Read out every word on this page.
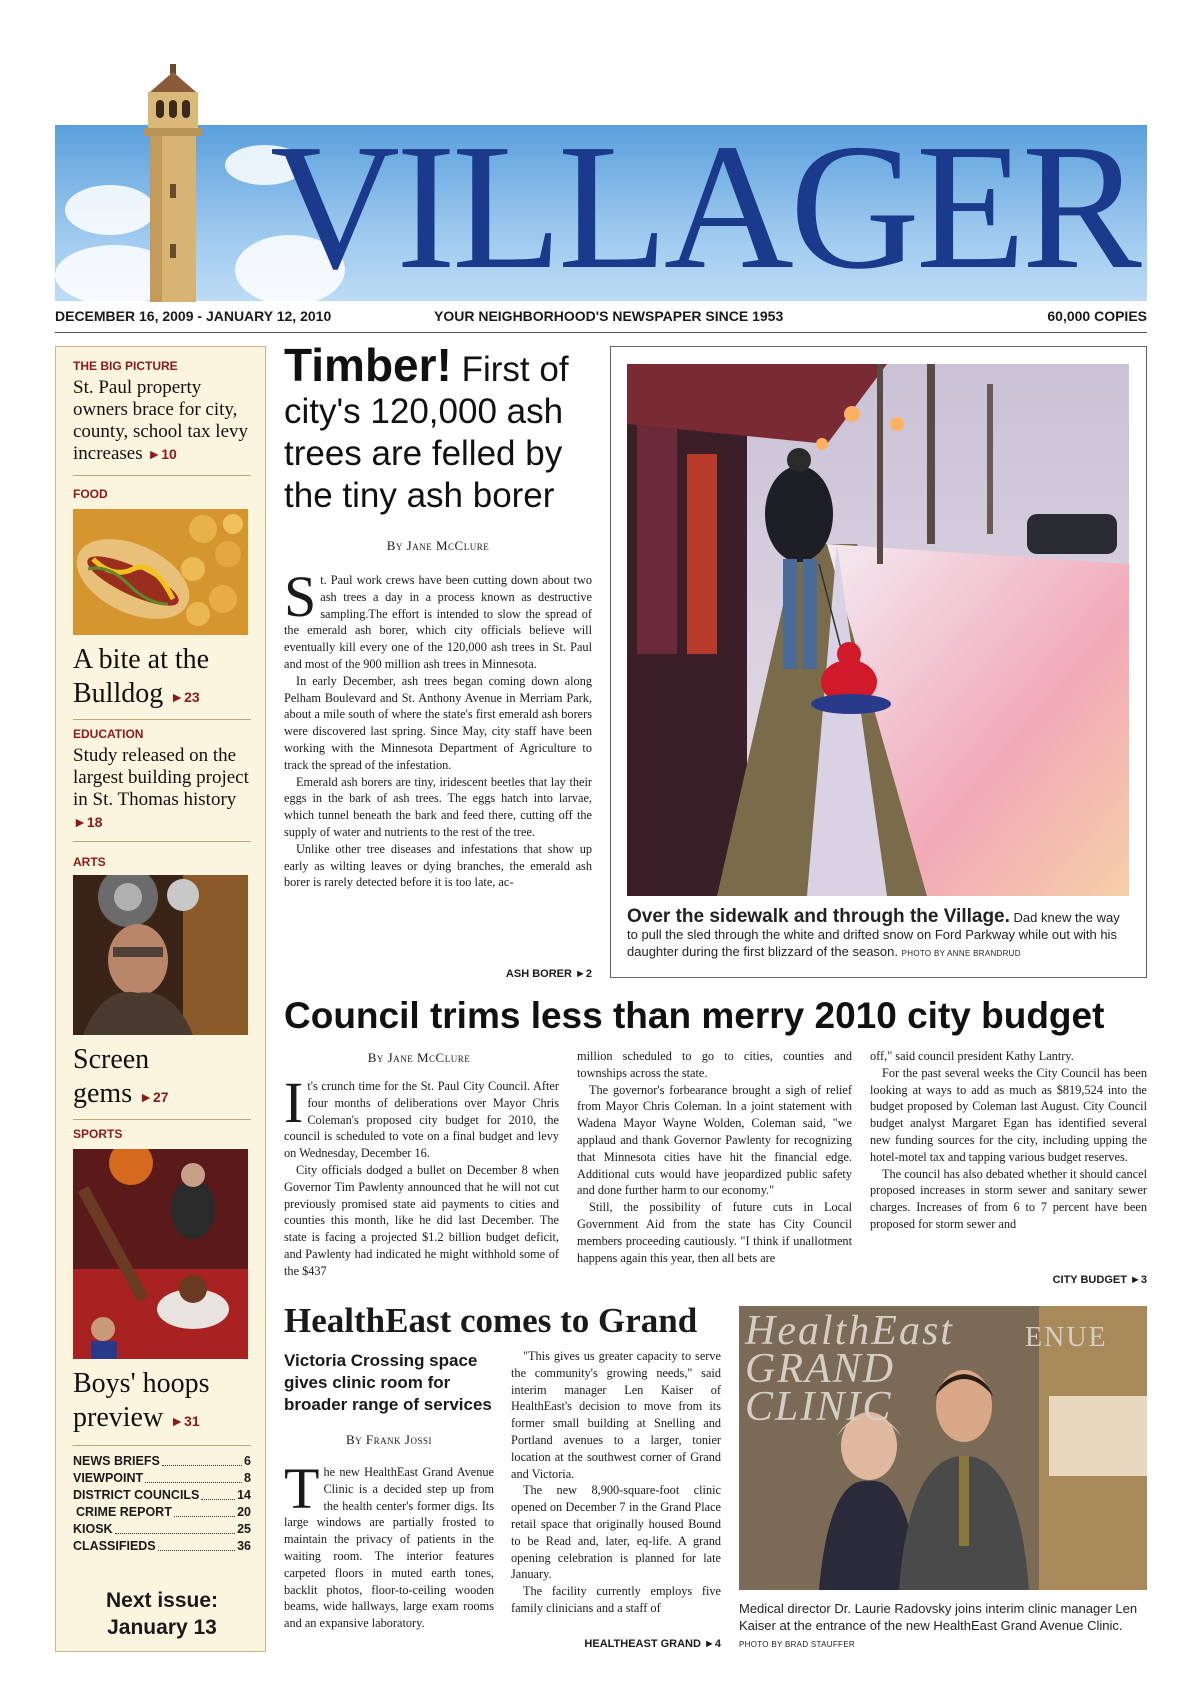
VILLAGER
DECEMBER 16, 2009 - JANUARY 12, 2010	YOUR NEIGHBORHOOD'S NEWSPAPER SINCE 1953	60,000 COPIES
THE BIG PICTURE
St. Paul property owners brace for city, county, school tax levy increases ►10
FOOD
A bite at the Bulldog ►23
EDUCATION
Study released on the largest building project in St. Thomas history ►18
ARTS
Screen gems ►27
SPORTS
Boys' hoops preview ►31
NEWS BRIEFS	6
VIEWPOINT	8
DISTRICT COUNCILS	14
CRIME REPORT	20
KIOSK	25
CLASSIFIEDS	36
Next issue:
January 13
Timber! First of city's 120,000 ash trees are felled by the tiny ash borer
By Jane McClure

St. Paul work crews have been cutting down about two ash trees a day in a process known as destructive sampling.The effort is intended to slow the spread of the emerald ash borer, which city officials believe will eventually kill every one of the 120,000 ash trees in St. Paul and most of the 900 million ash trees in Minnesota.

In early December, ash trees began coming down along Pelham Boulevard and St. Anthony Avenue in Merriam Park, about a mile south of where the state's first emerald ash borers were discovered last spring. Since May, city staff have been working with the Minnesota Department of Agriculture to track the spread of the infestation.

Emerald ash borers are tiny, iridescent beetles that lay their eggs in the bark of ash trees. The eggs hatch into larvae, which tunnel beneath the bark and feed there, cutting off the supply of water and nutrients to the rest of the tree.

Unlike other tree diseases and infestations that show up early as wilting leaves or dying branches, the emerald ash borer is rarely detected before it is too late, ac-

ASH BORER ►2
Over the sidewalk and through the Village. Dad knew the way to pull the sled through the white and drifted snow on Ford Parkway while out with his daughter during the first blizzard of the season. PHOTO BY ANNE BRANDRUD
Council trims less than merry 2010 city budget
By Jane McClure

It's crunch time for the St. Paul City Council. After four months of deliberations over Mayor Chris Coleman's proposed city budget for 2010, the council is scheduled to vote on a final budget and levy on Wednesday, December 16.

City officials dodged a bullet on December 8 when Governor Tim Pawlenty announced that he will not cut previously promised state aid payments to cities and counties this month, like he did last December. The state is facing a projected $1.2 billion budget deficit, and Pawlenty had indicated he might withhold some of the $437

million scheduled to go to cities, counties and townships across the state.

The governor's forbearance brought a sigh of relief from Mayor Chris Coleman. In a joint statement with Wadena Mayor Wayne Wolden, Coleman said, "we applaud and thank Governor Pawlenty for recognizing that Minnesota cities have hit the financial edge. Additional cuts would have jeopardized public safety and done further harm to our economy."

Still, the possibility of future cuts in Local Government Aid from the state has City Council members proceeding cautiously. "I think if unallotment happens again this year, then all bets are

off," said council president Kathy Lantry.

For the past several weeks the City Council has been looking at ways to add as much as $819,524 into the budget proposed by Coleman last August. City Council budget analyst Margaret Egan has identified several new funding sources for the city, including upping the hotel-motel tax and tapping various budget reserves.

The council has also debated whether it should cancel proposed increases in storm sewer and sanitary sewer charges. Increases of from 6 to 7 percent have been proposed for storm sewer and

CITY BUDGET ►3
HealthEast comes to Grand
Victoria Crossing space gives clinic room for broader range of services
By Frank Jossi

The new HealthEast Grand Avenue Clinic is a decided step up from the health center's former digs. Its large windows are partially frosted to maintain the privacy of patients in the waiting room. The interior features carpeted floors in muted earth tones, backlit photos, floor-to-ceiling wooden beams, wide hallways, large exam rooms and an expansive laboratory.

"This gives us greater capacity to serve the community's growing needs," said interim manager Len Kaiser of HealthEast's decision to move from its former small building at Snelling and Portland avenues to a larger, tonier location at the southwest corner of Grand and Victoria.

The new 8,900-square-foot clinic opened on December 7 in the Grand Place retail space that originally housed Bound to be Read and, later, eq-life. A grand opening celebration is planned for late January.

The facility currently employs five family clinicians and a staff of

HEALTHEAST GRAND ►4
HealthEast GRAND CLINIC
ENUE
Medical director Dr. Laurie Radovsky joins interim clinic manager Len Kaiser at the entrance of the new HealthEast Grand Avenue Clinic. PHOTO BY BRAD STAUFFER
